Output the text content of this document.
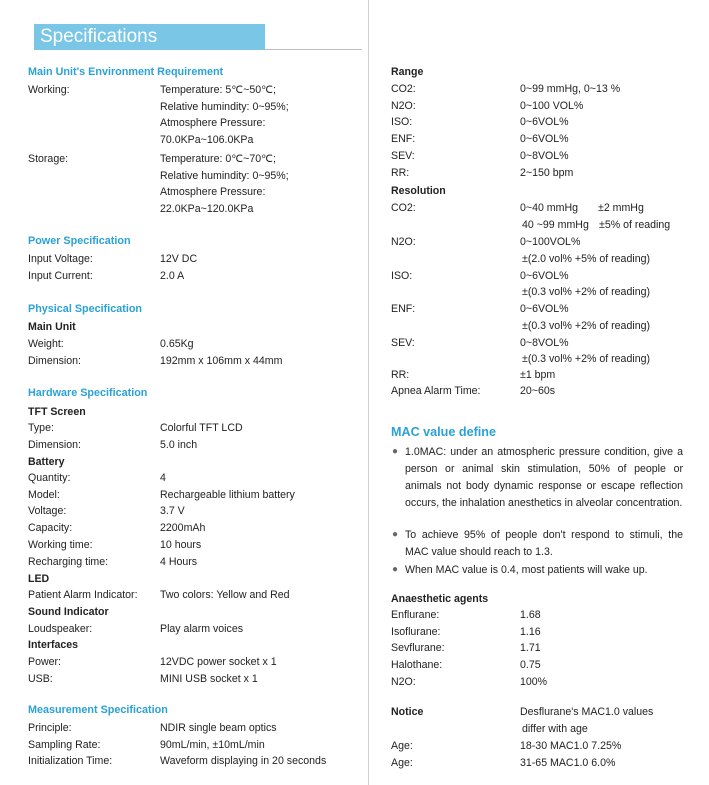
Specifications
Main Unit's Environment Requirement
Working:	Temperature: 5℃~50℃;
Relative humindity: 0~95%;
Atmosphere Pressure:
70.0KPa~106.0KPa
Storage:	Temperature: 0℃~70℃;
Relative humindity: 0~95%;
Atmosphere Pressure:
22.0KPa~120.0KPa
Power Specification
Input Voltage:	12V DC
Input Current:	2.0 A
Physical Specification
Main Unit
Weight:	0.65Kg
Dimension:	192mm x 106mm x 44mm
Hardware Specification
TFT Screen
Type:	Colorful TFT LCD
Dimension:	5.0 inch
Battery
Quantity:	4
Model:	Rechargeable lithium battery
Voltage:	3.7 V
Capacity:	2200mAh
Working time:	10 hours
Recharging time:	4 Hours
LED
Patient Alarm Indicator: Two colors: Yellow and Red
Sound Indicator
Loudspeaker:	Play alarm voices
Interfaces
Power:	12VDC power socket x 1
USB:	MINI USB socket x 1
Measurement Specification
Principle:	NDIR single beam optics
Sampling Rate:	90mL/min, ±10mL/min
Initialization Time:	Waveform displaying in 20 seconds
Range
CO2:	0~99 mmHg, 0~13 %
N2O:	0~100 VOL%
ISO:	0~6VOL%
ENF:	0~6VOL%
SEV:	0~8VOL%
RR:	2~150 bpm
Resolution
CO2:	0~40 mmHg ±2 mmHg
40 ~99 mmHg ±5% of reading
N2O:	0~100VOL%
±(2.0 vol% +5% of reading)
ISO:	0~6VOL%
±(0.3 vol% +2% of reading)
ENF:	0~6VOL%
±(0.3 vol% +2% of reading)
SEV:	0~8VOL%
±(0.3 vol% +2% of reading)
RR:	±1 bpm
Apnea Alarm Time:	20~60s
MAC value define
● 1.0MAC: under an atmospheric pressure condition, give a person or animal skin stimulation, 50% of people or animals not body dynamic response or escape reflection occurs, the inhalation anesthetics in alveolar concentration.
● To achieve 95% of people don't respond to stimuli, the MAC value should reach to 1.3.
● When MAC value is 0.4, most patients will wake up.
Anaesthetic agents
Enflurane:	1.68
Isoflurane:	1.16
Sevflurane:	1.71
Halothane:	0.75
N2O:	100%
Notice	Desflurane's MAC1.0 values
differ with age
Age:	18-30 MAC1.0 7.25%
Age:	31-65 MAC1.0 6.0%
